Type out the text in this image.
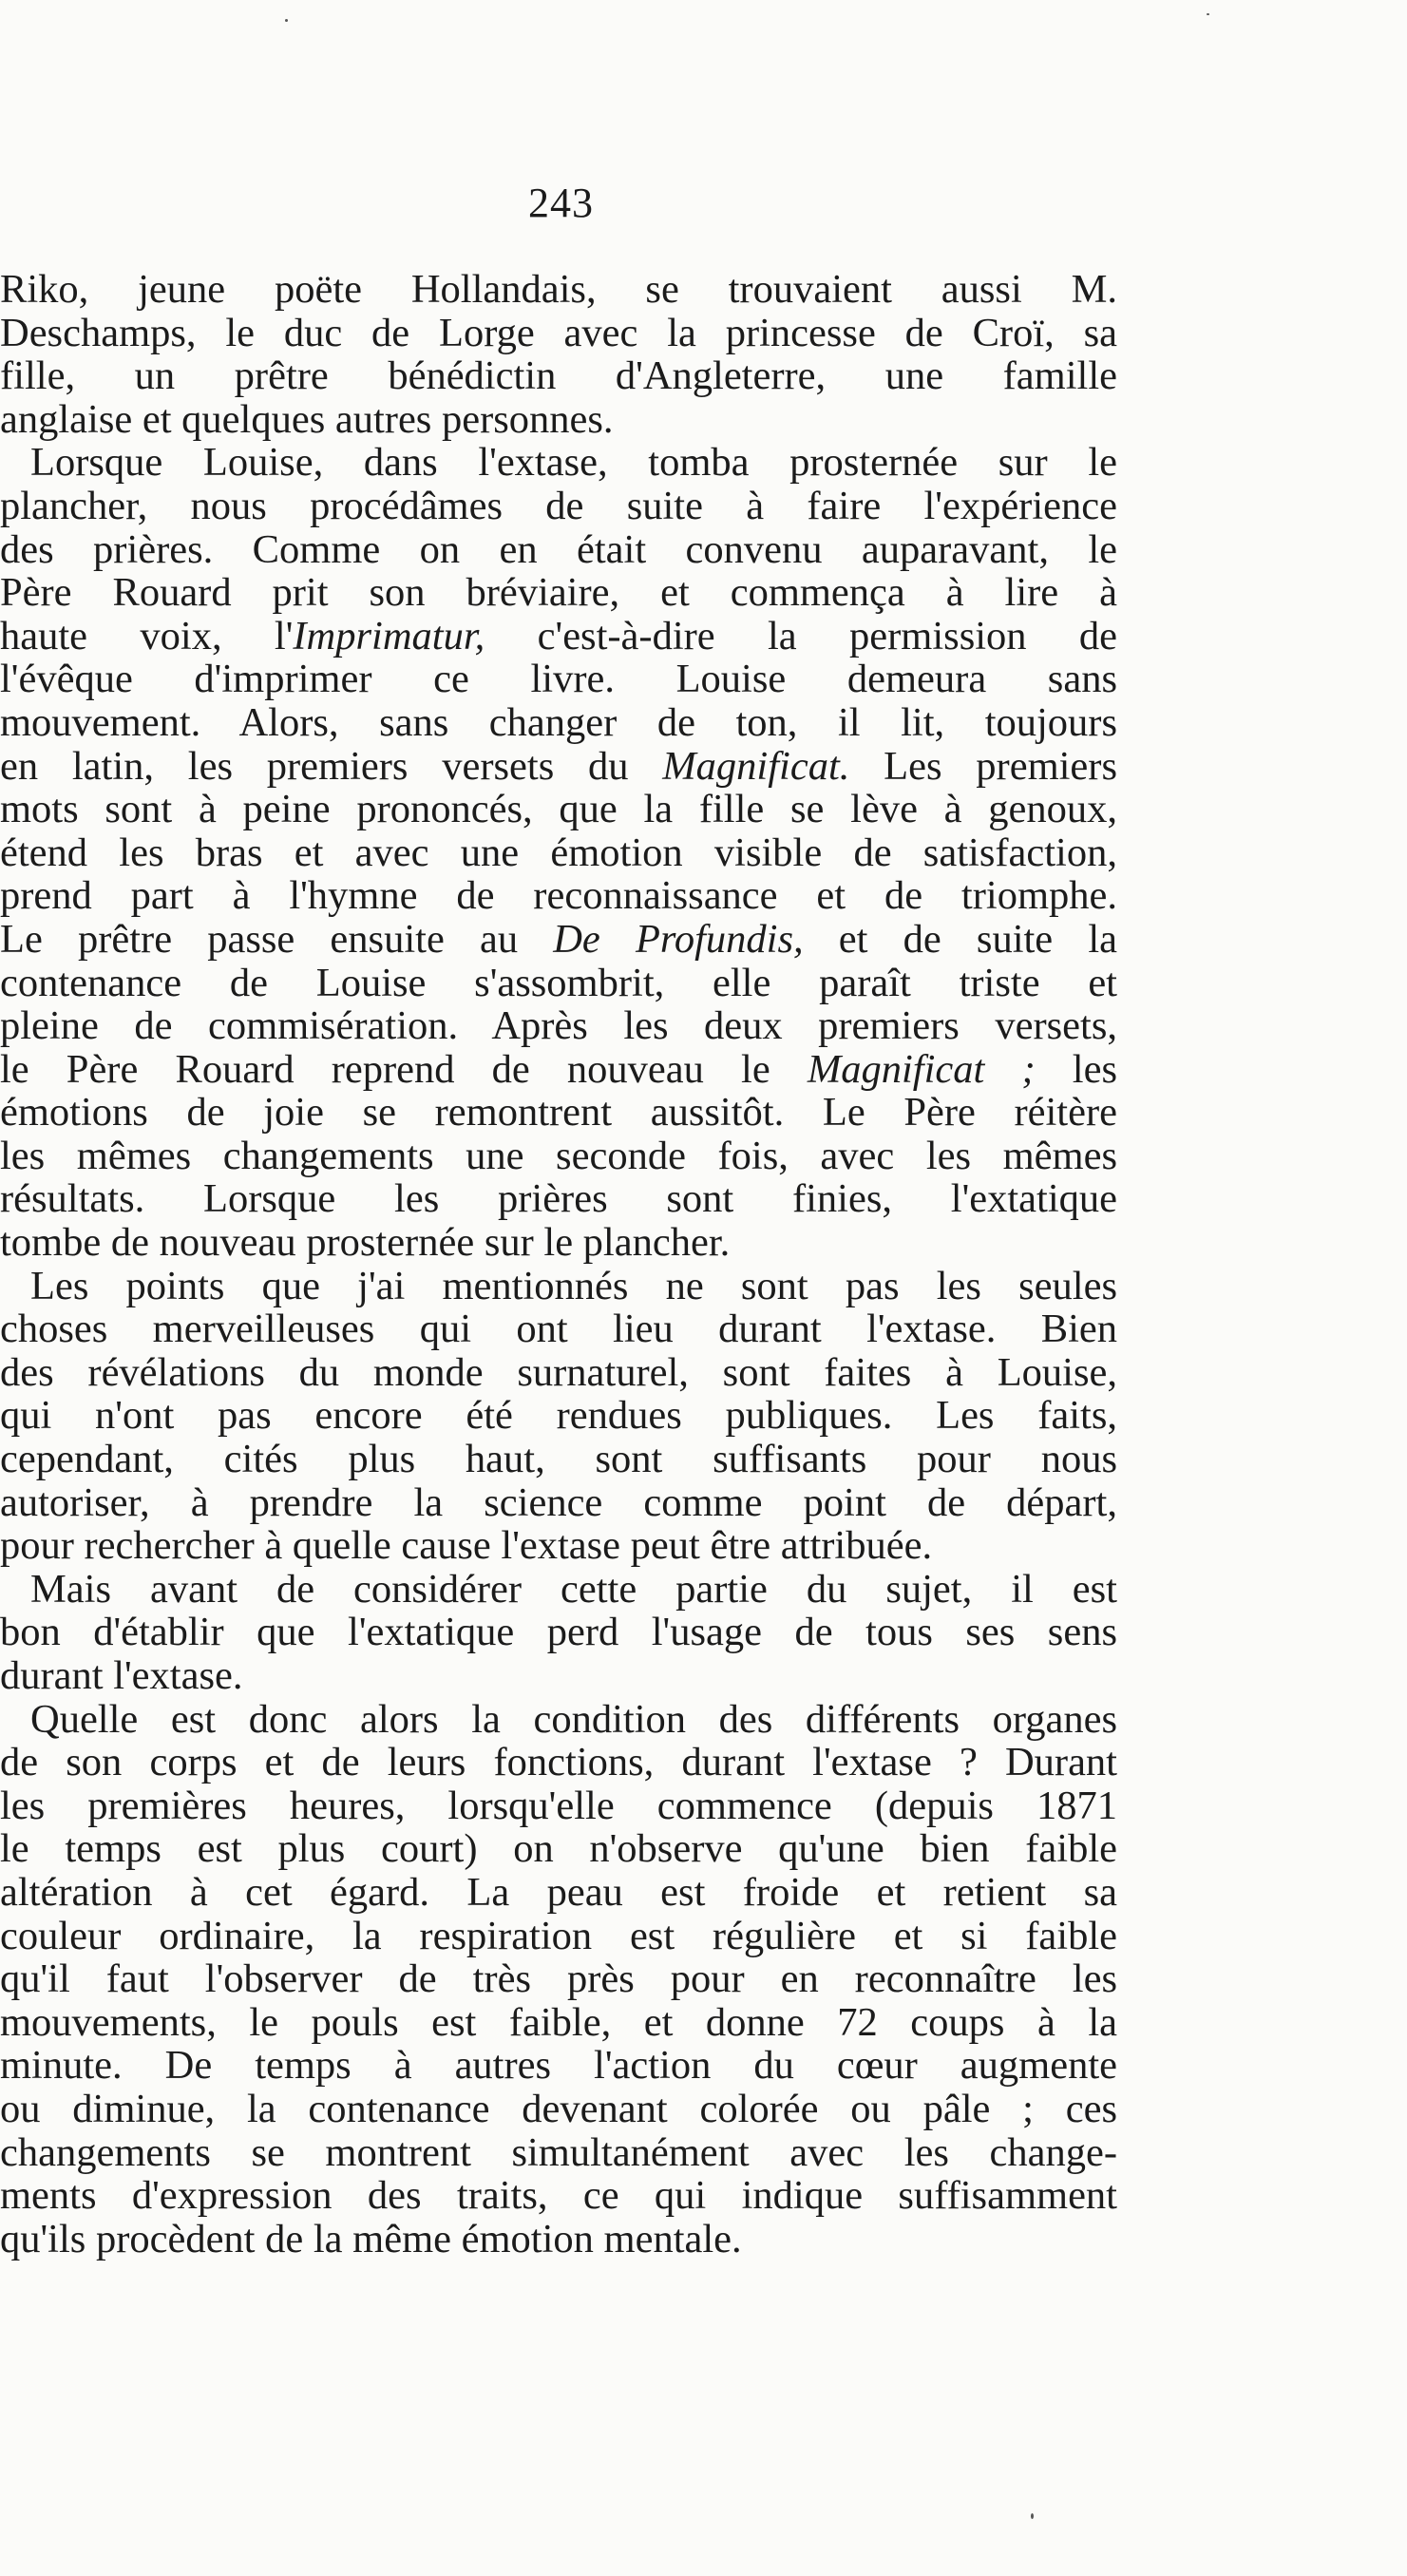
243
Riko, jeune poëte Hollandais, se trouvaient aussi M.
Deschamps, le duc de Lorge avec la princesse de Croï, sa
fille, un prêtre bénédictin d'Angleterre, une famille
anglaise et quelques autres personnes.
Lorsque Louise, dans l'extase, tomba prosternée sur le
plancher, nous procédâmes de suite à faire l'expérience
des prières. Comme on en était convenu auparavant, le
Père Rouard prit son bréviaire, et commença à lire à
haute voix, l'Imprimatur, c'est-à-dire la permission de
l'évêque d'imprimer ce livre. Louise demeura sans
mouvement. Alors, sans changer de ton, il lit, toujours
en latin, les premiers versets du Magnificat. Les premiers
mots sont à peine prononcés, que la fille se lève à genoux,
étend les bras et avec une émotion visible de satisfaction,
prend part à l'hymne de reconnaissance et de triomphe.
Le prêtre passe ensuite au De Profundis, et de suite la
contenance de Louise s'assombrit, elle paraît triste et
pleine de commisération. Après les deux premiers versets,
le Père Rouard reprend de nouveau le Magnificat ; les
émotions de joie se remontrent aussitôt. Le Père réitère
les mêmes changements une seconde fois, avec les mêmes
résultats. Lorsque les prières sont finies, l'extatique
tombe de nouveau prosternée sur le plancher.
Les points que j'ai mentionnés ne sont pas les seules
choses merveilleuses qui ont lieu durant l'extase. Bien
des révélations du monde surnaturel, sont faites à Louise,
qui n'ont pas encore été rendues publiques. Les faits,
cependant, cités plus haut, sont suffisants pour nous
autoriser, à prendre la science comme point de départ,
pour rechercher à quelle cause l'extase peut être attribuée.
Mais avant de considérer cette partie du sujet, il est
bon d'établir que l'extatique perd l'usage de tous ses sens
durant l'extase.
Quelle est donc alors la condition des différents organes
de son corps et de leurs fonctions, durant l'extase ? Durant
les premières heures, lorsqu'elle commence (depuis 1871
le temps est plus court) on n'observe qu'une bien faible
altération à cet égard. La peau est froide et retient sa
couleur ordinaire, la respiration est régulière et si faible
qu'il faut l'observer de très près pour en reconnaître les
mouvements, le pouls est faible, et donne 72 coups à la
minute. De temps à autres l'action du cœur augmente
ou diminue, la contenance devenant colorée ou pâle ; ces
changements se montrent simultanément avec les change-
ments d'expression des traits, ce qui indique suffisamment
qu'ils procèdent de la même émotion mentale.
